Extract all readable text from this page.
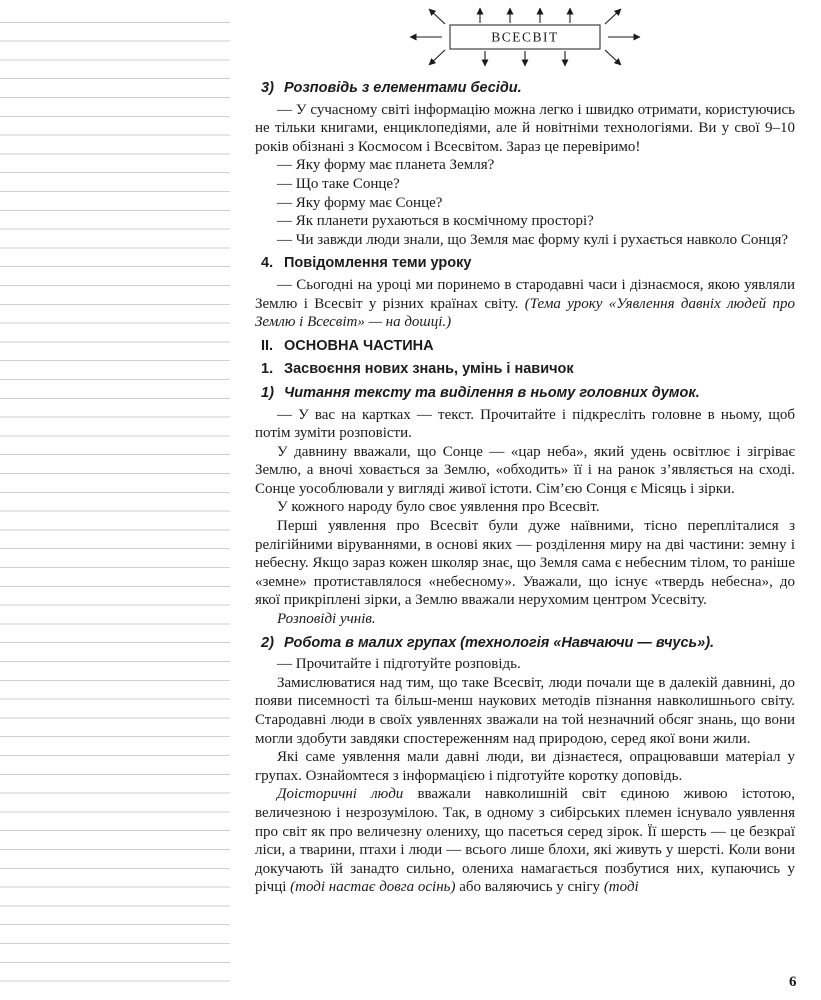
ВСЕСВІТ

3) Розповідь з елементами бесіди.

— У сучасному світі інформацію можна легко і швидко отримати, користуючись не тільки книгами, енциклопедіями, але й новітніми технологіями. Ви у свої 9–10 років обізнані з Космосом і Всесвітом. Зараз це перевіримо!

— Яку форму має планета Земля?

— Що таке Сонце?

— Яку форму має Сонце?

— Як планети рухаються в космічному просторі?

— Чи завжди люди знали, що Земля має форму кулі і рухається навколо Сонця?

4. Повідомлення теми уроку

— Сьогодні на уроці ми поринемо в стародавні часи і дізнаємося, якою уявляли Землю і Всесвіт у різних країнах світу. (Тема уроку «Уявлення давніх людей про Землю і Всесвіт» — на дошці.)

II. ОСНОВНА ЧАСТИНА

1. Засвоєння нових знань, умінь і навичок

1) Читання тексту та виділення в ньому головних думок.

— У вас на картках — текст. Прочитайте і підкресліть головне в ньому, щоб потім зуміти розповісти.

У давнину вважали, що Сонце — «цар неба», який удень освітлює і зігріває Землю, а вночі ховається за Землю, «обходить» її і на ранок з’являється на сході. Сонце уособлювали у вигляді живої істоти. Сім’єю Сонця є Місяць і зірки.

У кожного народу було своє уявлення про Всесвіт.

Перші уявлення про Всесвіт були дуже наївними, тісно перепліталися з релігійними віруваннями, в основі яких — розділення миру на дві частини: земну і небесну. Якщо зараз кожен школяр знає, що Земля сама є небесним тілом, то раніше «земне» протиставлялося «небесному». Уважали, що існує «твердь небесна», до якої прикріплені зірки, а Землю вважали нерухомим центром Усесвіту.

Розповіді учнів.

2) Робота в малих групах (технологія «Навчаючи — вчусь»).

— Прочитайте і підготуйте розповідь.

Замислюватися над тим, що таке Всесвіт, люди почали ще в далекій давнині, до появи писемності та більш-менш наукових методів пізнання навколишнього світу. Стародавні люди в своїх уявленнях зважали на той незначний обсяг знань, що вони могли здобути завдяки спостереженням над природою, серед якої вони жили.

Які саме уявлення мали давні люди, ви дізнаєтеся, опрацювавши матеріал у групах. Ознайомтеся з інформацією і підготуйте коротку доповідь.

Доісторичні люди вважали навколишній світ єдиною живою істотою, величезною і незрозумілою. Так, в одному з сибірських племен існувало уявлення про світ як про величезну олениху, що пасеться серед зірок. Її шерсть — це безкраї ліси, а тварини, птахи і люди — всього лише блохи, які живуть у шерсті. Коли вони докучають їй занадто сильно, олениха намагається позбутися них, купаючись у річці (тоді настає довга осінь) або валяючись у снігу (тоді

6
